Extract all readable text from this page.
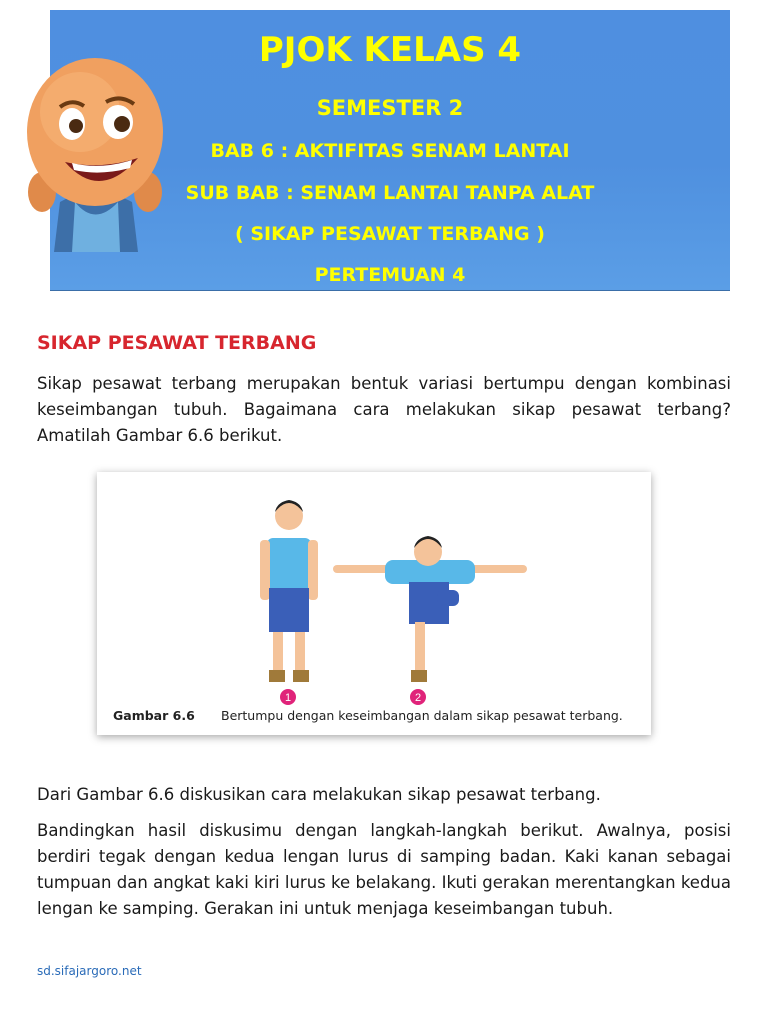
PJOK KELAS 4
SEMESTER 2
BAB 6 : AKTIFITAS SENAM LANTAI
SUB BAB : SENAM LANTAI TANPA ALAT
( SIKAP PESAWAT TERBANG )
PERTEMUAN 4
SIKAP PESAWAT TERBANG

Sikap pesawat terbang merupakan bentuk variasi bertumpu dengan kombinasi keseimbangan tubuh. Bagaimana cara melakukan sikap pesawat terbang? Amatilah Gambar 6.6 berikut.

1	2
Gambar 6.6 Bertumpu dengan keseimbangan dalam sikap pesawat terbang.

Dari Gambar 6.6 diskusikan cara melakukan sikap pesawat terbang.

Bandingkan hasil diskusimu dengan langkah-langkah berikut. Awalnya, posisi berdiri tegak dengan kedua lengan lurus di samping badan. Kaki kanan sebagai tumpuan dan angkat kaki kiri lurus ke belakang. Ikuti gerakan merentangkan kedua lengan ke samping. Gerakan ini untuk menjaga keseimbangan tubuh.

sd.sifajargoro.net
